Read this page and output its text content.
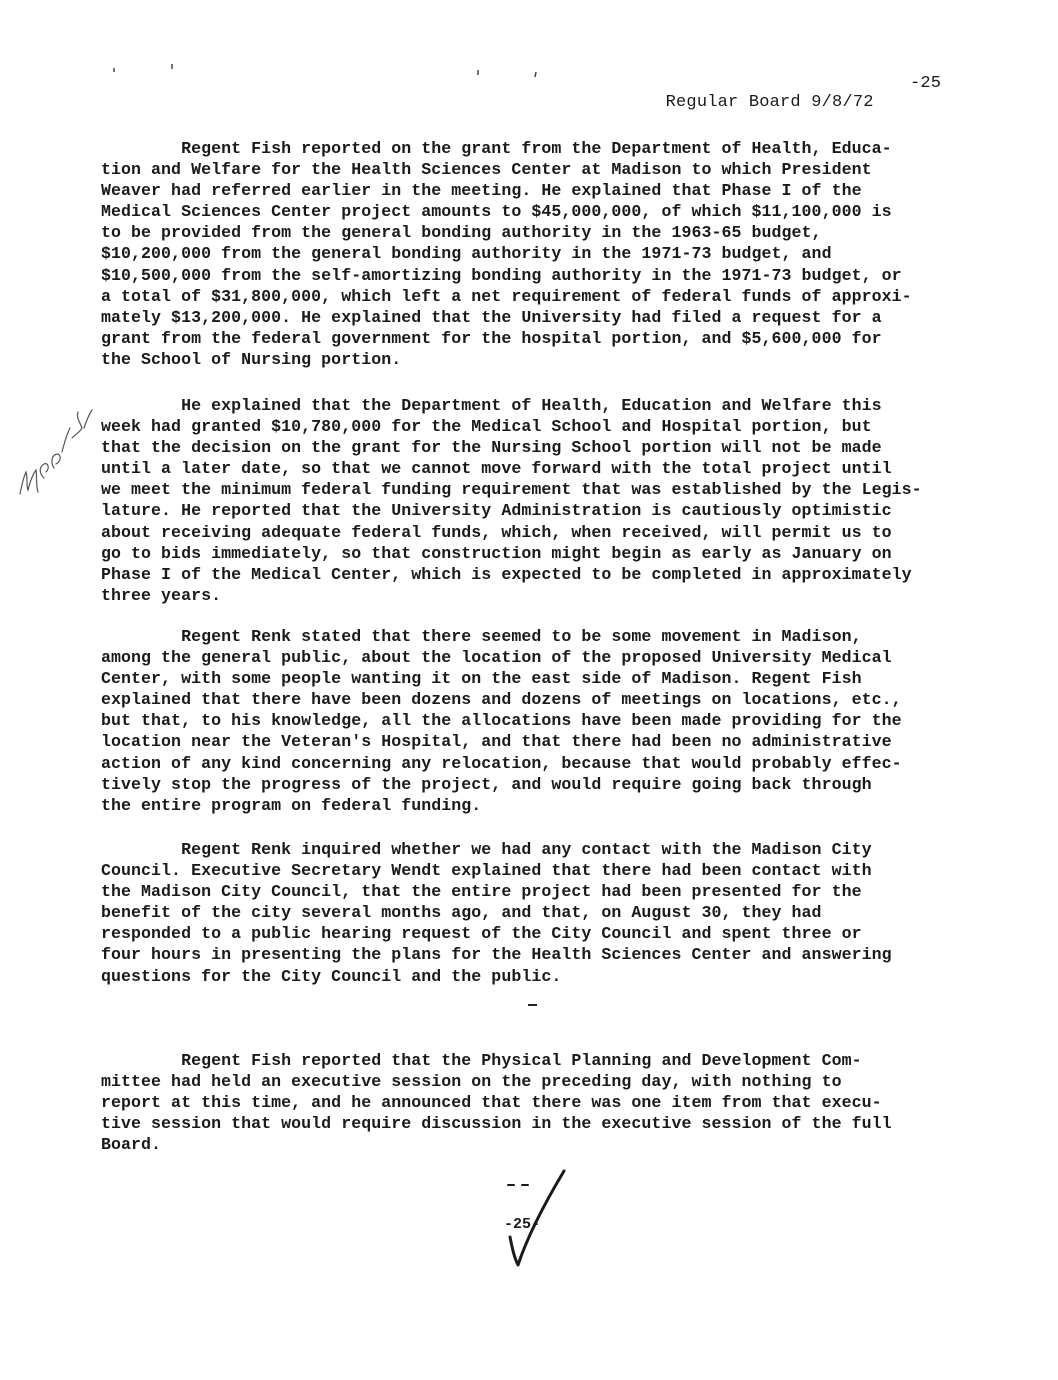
Regular Board 9/8/72

-25

Regent Fish reported on the grant from the Department of Health, Educa-
tion and Welfare for the Health Sciences Center at Madison to which President
Weaver had referred earlier in the meeting. He explained that Phase I of the
Medical Sciences Center project amounts to $45,000,000, of which $11,100,000 is
to be provided from the general bonding authority in the 1963-65 budget,
$10,200,000 from the general bonding authority in the 1971-73 budget, and
$10,500,000 from the self-amortizing bonding authority in the 1971-73 budget, or
a total of $31,800,000, which left a net requirement of federal funds of approxi-
mately $13,200,000. He explained that the University had filed a request for a
grant from the federal government for the hospital portion, and $5,600,000 for
the School of Nursing portion.
He explained that the Department of Health, Education and Welfare this
week had granted $10,780,000 for the Medical School and Hospital portion, but
that the decision on the grant for the Nursing School portion will not be made
until a later date, so that we cannot move forward with the total project until
we meet the minimum federal funding requirement that was established by the Legis-
lature. He reported that the University Administration is cautiously optimistic
about receiving adequate federal funds, which, when received, will permit us to
go to bids immediately, so that construction might begin as early as January on
Phase I of the Medical Center, which is expected to be completed in approximately
three years.
Regent Renk stated that there seemed to be some movement in Madison,
among the general public, about the location of the proposed University Medical
Center, with some people wanting it on the east side of Madison. Regent Fish
explained that there have been dozens and dozens of meetings on locations, etc.,
but that, to his knowledge, all the allocations have been made providing for the
location near the Veteran's Hospital, and that there had been no administrative
action of any kind concerning any relocation, because that would probably effec-
tively stop the progress of the project, and would require going back through
the entire program on federal funding.
Regent Renk inquired whether we had any contact with the Madison City
Council. Executive Secretary Wendt explained that there had been contact with
the Madison City Council, that the entire project had been presented for the
benefit of the city several months ago, and that, on August 30, they had
responded to a public hearing request of the City Council and spent three or
four hours in presenting the plans for the Health Sciences Center and answering
questions for the City Council and the public.
Regent Fish reported that the Physical Planning and Development Com-
mittee had held an executive session on the preceding day, with nothing to
report at this time, and he announced that there was one item from that execu-
tive session that would require discussion in the executive session of the full
Board.
-25-
